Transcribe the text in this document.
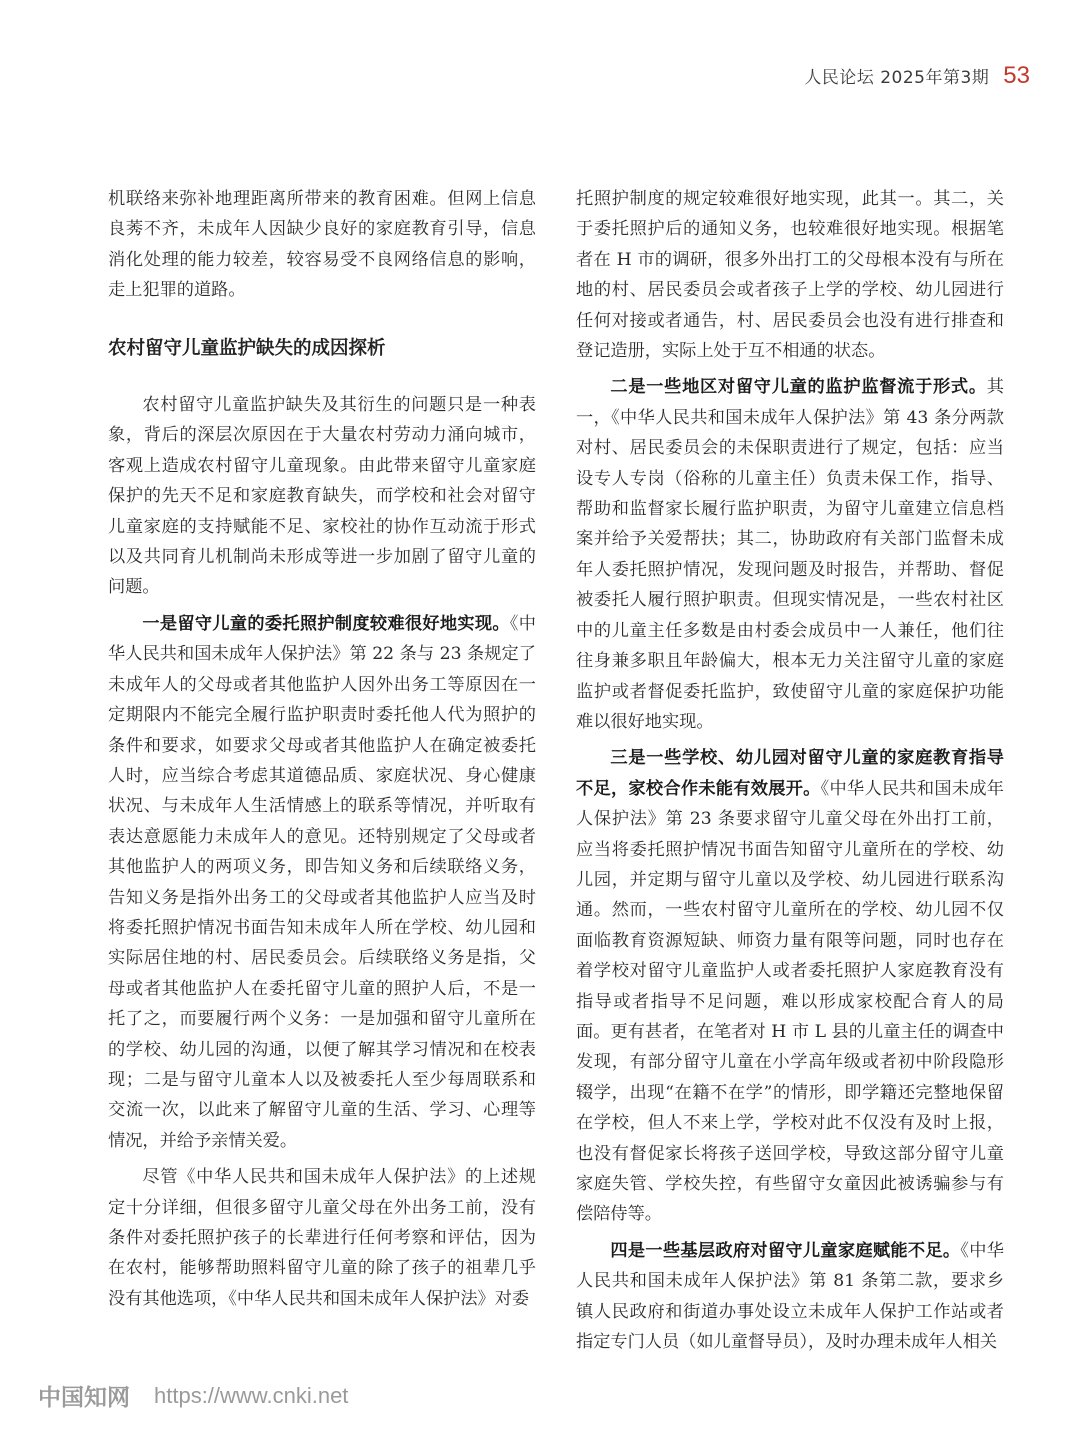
人民论坛 2025年第3期 53

机联络来弥补地理距离所带来的教育困难。但网上信息良莠不齐，未成年人因缺少良好的家庭教育引导，信息消化处理的能力较差，较容易受不良网络信息的影响，走上犯罪的道路。

农村留守儿童监护缺失的成因探析

农村留守儿童监护缺失及其衍生的问题只是一种表象，背后的深层次原因在于大量农村劳动力涌向城市，客观上造成农村留守儿童现象。由此带来留守儿童家庭保护的先天不足和家庭教育缺失，而学校和社会对留守儿童家庭的支持赋能不足、家校社的协作互动流于形式以及共同育儿机制尚未形成等进一步加剧了留守儿童的问题。

一是留守儿童的委托照护制度较难很好地实现。《中华人民共和国未成年人保护法》第 22 条与 23 条规定了未成年人的父母或者其他监护人因外出务工等原因在一定期限内不能完全履行监护职责时委托他人代为照护的条件和要求，如要求父母或者其他监护人在确定被委托人时，应当综合考虑其道德品质、家庭状况、身心健康状况、与未成年人生活情感上的联系等情况，并听取有表达意愿能力未成年人的意见。还特别规定了父母或者其他监护人的两项义务，即告知义务和后续联络义务，告知义务是指外出务工的父母或者其他监护人应当及时将委托照护情况书面告知未成年人所在学校、幼儿园和实际居住地的村、居民委员会。后续联络义务是指，父母或者其他监护人在委托留守儿童的照护人后，不是一托了之，而要履行两个义务：一是加强和留守儿童所在的学校、幼儿园的沟通，以便了解其学习情况和在校表现；二是与留守儿童本人以及被委托人至少每周联系和交流一次，以此来了解留守儿童的生活、学习、心理等情况，并给予亲情关爱。

尽管《中华人民共和国未成年人保护法》的上述规定十分详细，但很多留守儿童父母在外出务工前，没有条件对委托照护孩子的长辈进行任何考察和评估，因为在农村，能够帮助照料留守儿童的除了孩子的祖辈几乎没有其他选项，《中华人民共和国未成年人保护法》对委

托照护制度的规定较难很好地实现，此其一。其二，关于委托照护后的通知义务，也较难很好地实现。根据笔者在 H 市的调研，很多外出打工的父母根本没有与所在地的村、居民委员会或者孩子上学的学校、幼儿园进行任何对接或者通告，村、居民委员会也没有进行排查和登记造册，实际上处于互不相通的状态。

二是一些地区对留守儿童的监护监督流于形式。其一，《中华人民共和国未成年人保护法》第 43 条分两款对村、居民委员会的未保职责进行了规定，包括：应当设专人专岗（俗称的儿童主任）负责未保工作，指导、帮助和监督家长履行监护职责，为留守儿童建立信息档案并给予关爱帮扶；其二，协助政府有关部门监督未成年人委托照护情况，发现问题及时报告，并帮助、督促被委托人履行照护职责。但现实情况是，一些农村社区中的儿童主任多数是由村委会成员中一人兼任，他们往往身兼多职且年龄偏大，根本无力关注留守儿童的家庭监护或者督促委托监护，致使留守儿童的家庭保护功能难以很好地实现。

三是一些学校、幼儿园对留守儿童的家庭教育指导不足，家校合作未能有效展开。《中华人民共和国未成年人保护法》第 23 条要求留守儿童父母在外出打工前，应当将委托照护情况书面告知留守儿童所在的学校、幼儿园，并定期与留守儿童以及学校、幼儿园进行联系沟通。然而，一些农村留守儿童所在的学校、幼儿园不仅面临教育资源短缺、师资力量有限等问题，同时也存在着学校对留守儿童监护人或者委托照护人家庭教育没有指导或者指导不足问题，难以形成家校配合育人的局面。更有甚者，在笔者对 H 市 L 县的儿童主任的调查中发现，有部分留守儿童在小学高年级或者初中阶段隐形辍学，出现“在籍不在学”的情形，即学籍还完整地保留在学校，但人不来上学，学校对此不仅没有及时上报，也没有督促家长将孩子送回学校，导致这部分留守儿童家庭失管、学校失控，有些留守女童因此被诱骗参与有偿陪侍等。

四是一些基层政府对留守儿童家庭赋能不足。《中华人民共和国未成年人保护法》第 81 条第二款，要求乡镇人民政府和街道办事处设立未成年人保护工作站或者指定专门人员（如儿童督导员），及时办理未成年人相关

中国知网 https://www.cnki.net
